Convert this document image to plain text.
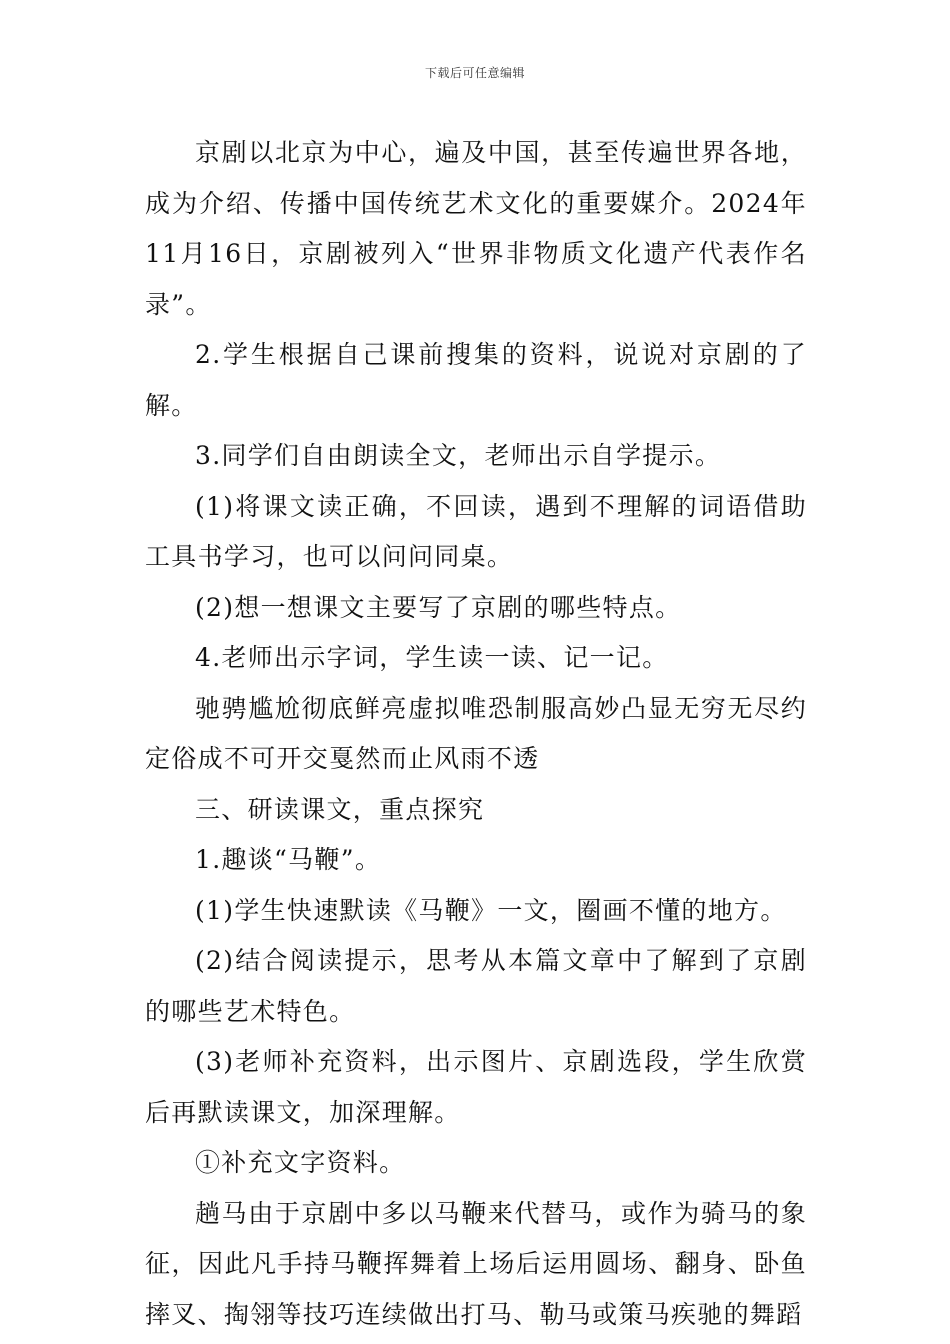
下载后可任意编辑

京剧以北京为中心，遍及中国，甚至传遍世界各地，成为介绍、传播中国传统艺术文化的重要媒介。2024年11月16日，京剧被列入“世界非物质文化遗产代表作名录”。

2.学生根据自己课前搜集的资料，说说对京剧的了解。

3.同学们自由朗读全文，老师出示自学提示。

(1)将课文读正确，不回读，遇到不理解的词语借助工具书学习，也可以问问同桌。

(2)想一想课文主要写了京剧的哪些特点。

4.老师出示字词，学生读一读、记一记。

驰骋尴尬彻底鲜亮虚拟唯恐制服高妙凸显无穷无尽约定俗成不可开交戛然而止风雨不透

三、研读课文，重点探究

1.趣谈“马鞭”。

(1)学生快速默读《马鞭》一文，圈画不懂的地方。

(2)结合阅读提示，思考从本篇文章中了解到了京剧的哪些艺术特色。

(3)老师补充资料，出示图片、京剧选段，学生欣赏后再默读课文，加深理解。

①补充文字资料。

趟马由于京剧中多以马鞭来代替马，或作为骑马的象征，因此凡手持马鞭挥舞着上场后运用圆场、翻身、卧鱼摔叉、掏翎等技巧连续做出打马、勒马或策马疾驰的舞蹈
